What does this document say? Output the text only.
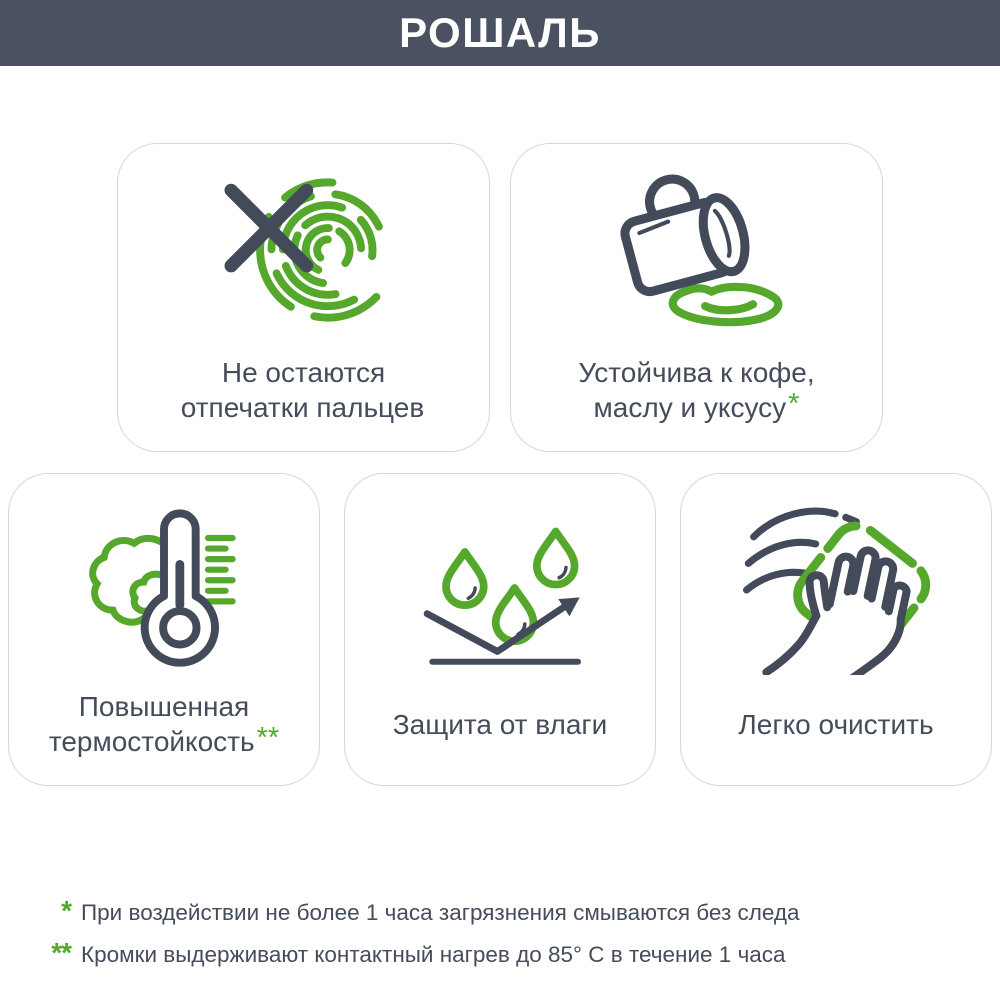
РОШАЛЬ
Не остаются
отпечатки пальцев
Устойчива к кофе,
маслу и уксусу *
Повышенная
термостойкость **	Защита от влаги	Легко очистить
* При воздействии не более 1 часа загрязнения смываются без следа
** Кромки выдерживают контактный нагрев до 85° C в течение 1 часа
